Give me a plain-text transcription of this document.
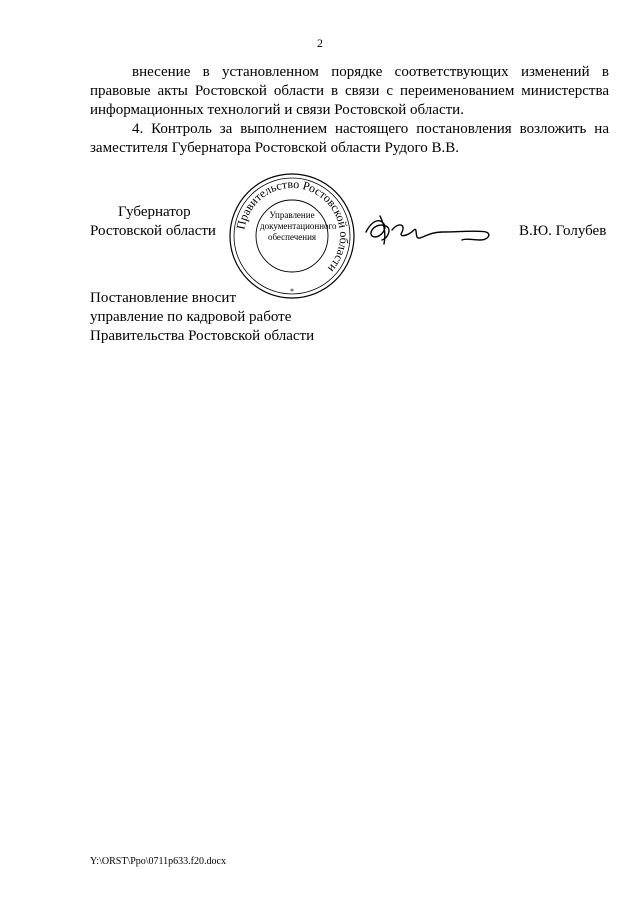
2

внесение в установленном порядке соответствующих изменений в правовые акты Ростовской области в связи с переименованием министерства информационных технологий и связи Ростовской области.

4. Контроль за выполнением настоящего постановления возложить на заместителя Губернатора Ростовской области Рудого В.В.

Губернатор
Ростовской области Правительство Ростовской области
*
Управление
документационного
обеспечения	В.Ю. Голубев
Постановление вносит
управление по кадровой работе
Правительства Ростовской области
Y:\ORST\Ppo\0711p633.f20.docx
